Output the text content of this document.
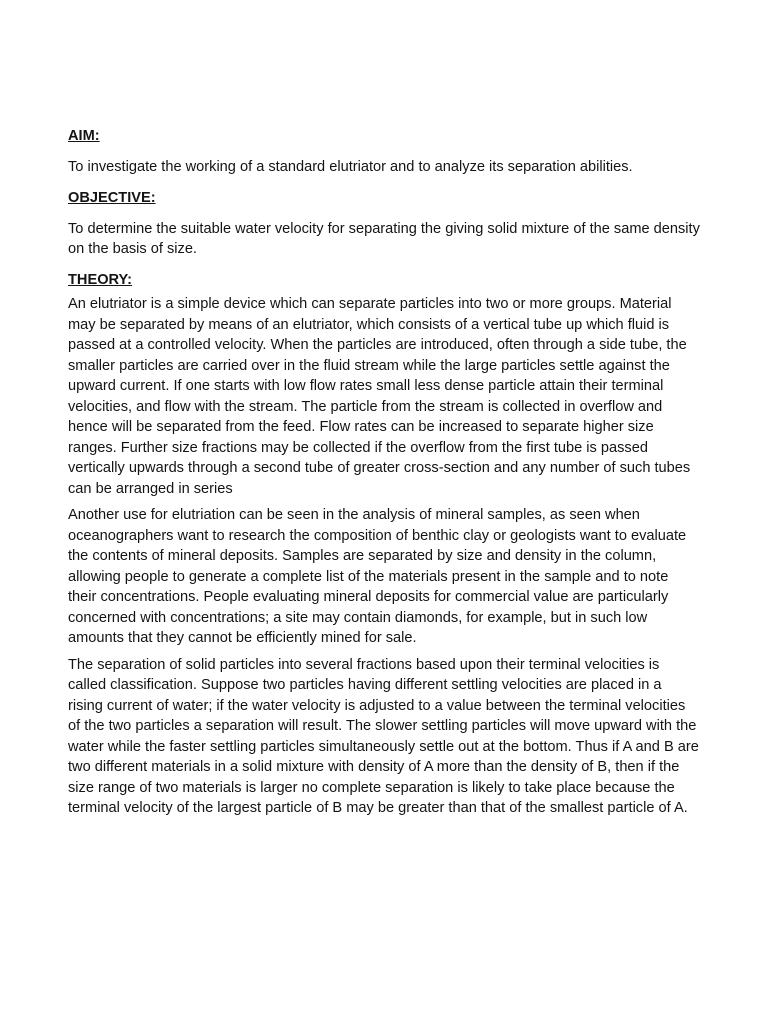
AIM:

To investigate the working of a standard elutriator and to analyze its separation abilities.

OBJECTIVE:

To determine the suitable water velocity for separating the giving solid mixture of the same density on the basis of size.

THEORY:

An elutriator is a simple device which can separate particles into two or more groups. Material may be separated by means of an elutriator, which consists of a vertical tube up which fluid is passed at a controlled velocity. When the particles are introduced, often through a side tube, the smaller particles are carried over in the fluid stream while the large particles settle against the upward current. If one starts with low flow rates small less dense particle attain their terminal velocities, and flow with the stream. The particle from the stream is collected in overflow and hence will be separated from the feed. Flow rates can be increased to separate higher size ranges. Further size fractions may be collected if the overflow from the first tube is passed vertically upwards through a second tube of greater cross-section and any number of such tubes can be arranged in series

Another use for elutriation can be seen in the analysis of mineral samples, as seen when oceanographers want to research the composition of benthic clay or geologists want to evaluate the contents of mineral deposits. Samples are separated by size and density in the column, allowing people to generate a complete list of the materials present in the sample and to note their concentrations. People evaluating mineral deposits for commercial value are particularly concerned with concentrations; a site may contain diamonds, for example, but in such low amounts that they cannot be efficiently mined for sale.

The separation of solid particles into several fractions based upon their terminal velocities is called classification. Suppose two particles having different settling velocities are placed in a rising current of water; if the water velocity is adjusted to a value between the terminal velocities of the two particles a separation will result. The slower settling particles will move upward with the water while the faster settling particles simultaneously settle out at the bottom. Thus if A and B are two different materials in a solid mixture with density of A more than the density of B, then if the size range of two materials is larger no complete separation is likely to take place because the terminal velocity of the largest particle of B may be greater than that of the smallest particle of A.
